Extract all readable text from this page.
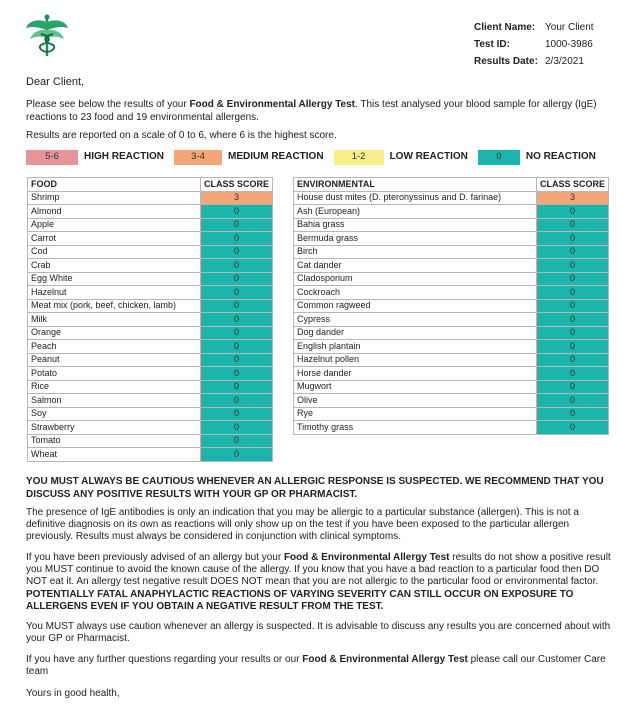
Client Name: Your Client
Test ID:	1000-3986
Results Date: 2/3/2021
Dear Client,
Please see below the results of your Food & Environmental Allergy Test. This test analysed your blood sample for allergy (IgE) reactions to 23 food and 19 environmental allergens.
Results are reported on a scale of 0 to 6, where 6 is the highest score.
5-6	HIGH REACTION	3-4	MEDIUM REACTION	1-2	LOW REACTION	0	NO REACTION
FOOD	CLASS SCORE
Shrimp	3
Almond	0
Apple	0
Carrot	0
Cod	0
Crab	0
Egg White	0
Hazelnut	0
Meat mix (pork, beef, chicken, lamb)	0
Milk	0
Orange	0
Peach	0
Peanut	0
Potato	0
Rice	0
Salmon	0
Soy	0
Strawberry	0
Tomato	0
Wheat	0
ENVIRONMENTAL	CLASS SCORE
House dust mites (D. pteronyssinus and D. farinae)	3
Ash (European)	0
Bahia grass	0
Bermuda grass	0
Birch	0
Cat dander	0
Cladosporium	0
Cockroach	0
Common ragweed	0
Cypress	0
Dog dander	0
English plantain	0
Hazelnut pollen	0
Horse dander	0
Mugwort	0
Olive	0
Rye	0
Timothy grass	0
YOU MUST ALWAYS BE CAUTIOUS WHENEVER AN ALLERGIC RESPONSE IS SUSPECTED. WE RECOMMEND THAT YOU DISCUSS ANY POSITIVE RESULTS WITH YOUR GP OR PHARMACIST.
The presence of IgE antibodies is only an indication that you may be allergic to a particular substance (allergen). This is not a definitive diagnosis on its own as reactions will only show up on the test if you have been exposed to the particular allergen previously. Results must always be considered in conjunction with clinical symptoms.
If you have been previously advised of an allergy but your Food & Environmental Allergy Test results do not show a positive result you MUST continue to avoid the known cause of the allergy. If you know that you have a bad reaction to a particular food then DO NOT eat it. An allergy test negative result DOES NOT mean that you are not allergic to the particular food or environmental factor. POTENTIALLY FATAL ANAPHYLACTIC REACTIONS OF VARYING SEVERITY CAN STILL OCCUR ON EXPOSURE TO ALLERGENS EVEN IF YOU OBTAIN A NEGATIVE RESULT FROM THE TEST.
You MUST always use caution whenever an allergy is suspected. It is advisable to discuss any results you are concerned about with your GP or Pharmacist.
If you have any further questions regarding your results or our Food & Environmental Allergy Test please call our Customer Care team
Yours in good health,
